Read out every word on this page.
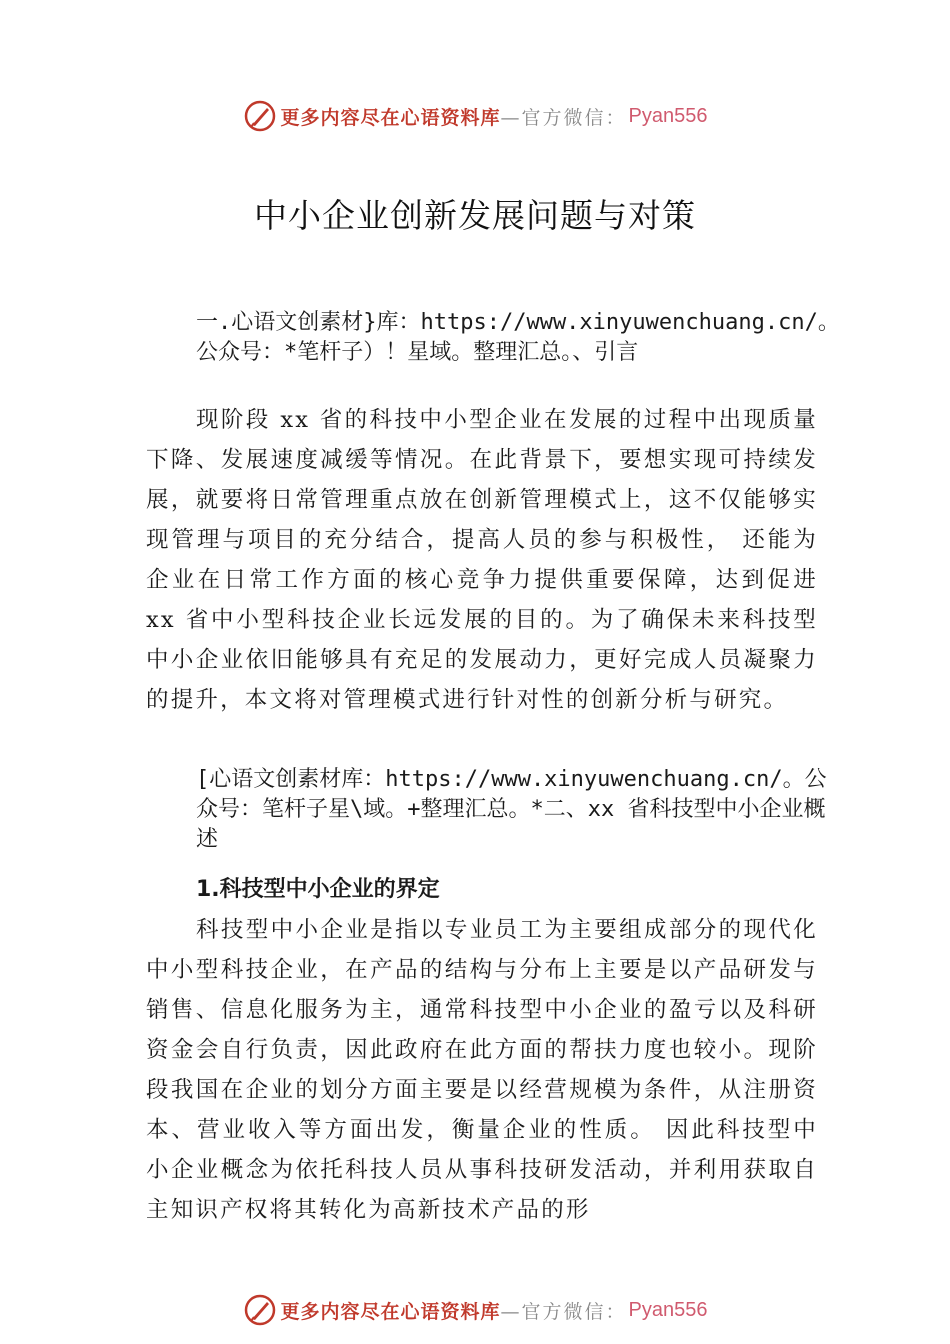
更多内容尽在心语资料库 —官方微信： Pyan556
中小企业创新发展问题与对策

一.心语文创素材}库：https://www.xinyuwenchuang.cn/。公众号：*笔杆子）！星域。整理汇总。、引言

现阶段 xx 省的科技中小型企业在发展的过程中出现质量下降、发展速度减缓等情况。在此背景下，要想实现可持续发展，就要将日常管理重点放在创新管理模式上，这不仅能够实现管理与项目的充分结合，提高人员的参与积极性， 还能为企业在日常工作方面的核心竞争力提供重要保障，达到促进 xx 省中小型科技企业长远发展的目的。为了确保未来科技型中小企业依旧能够具有充足的发展动力，更好完成人员凝聚力的提升，本文将对管理模式进行针对性的创新分析与研究。

[心语文创素材库：https://www.xinyuwenchuang.cn/。公众号：笔杆子星\域。+整理汇总。*二、xx 省科技型中小企业概述

1.科技型中小企业的界定

科技型中小企业是指以专业员工为主要组成部分的现代化中小型科技企业，在产品的结构与分布上主要是以产品研发与销售、信息化服务为主，通常科技型中小企业的盈亏以及科研资金会自行负责，因此政府在此方面的帮扶力度也较小。现阶段我国在企业的划分方面主要是以经营规模为条件，从注册资本、营业收入等方面出发，衡量企业的性质。 因此科技型中小企业概念为依托科技人员从事科技研发活动，并利用获取自主知识产权将其转化为高新技术产品的形

更多内容尽在心语资料库 —官方微信： Pyan556
